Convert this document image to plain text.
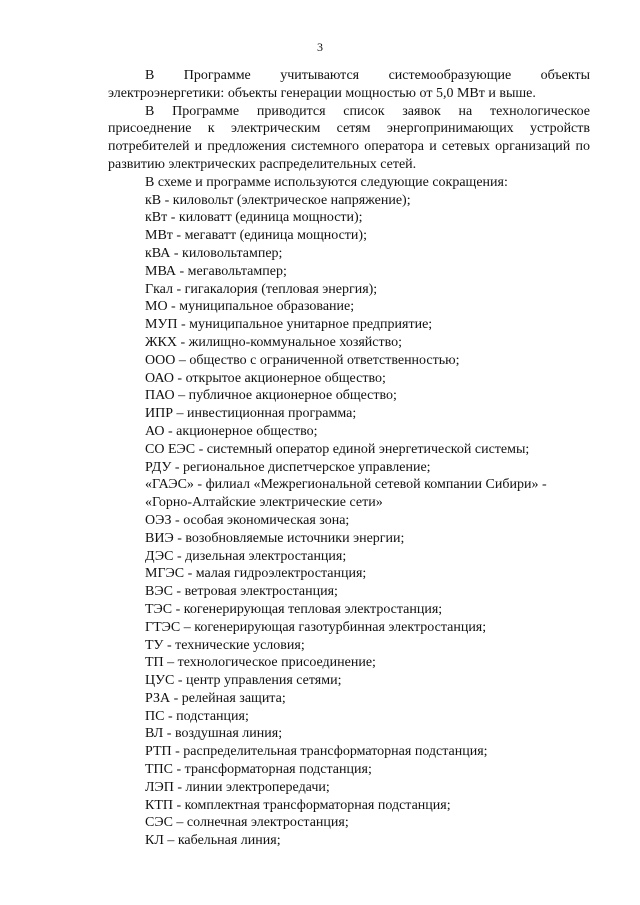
3

В Программе учитываются системообразующие объекты электроэнергетики: объекты генерации мощностью от 5,0 МВт и выше.

В Программе приводится список заявок на технологическое присоеднение к электрическим сетям энергопринимающих устройств потребителей и предложения системного оператора и сетевых организаций по развитию электрических распределительных сетей.

В схеме и программе используются следующие сокращения:

кВ - киловольт (электрическое напряжение);
кВт - киловатт (единица мощности);
МВт - мегаватт (единица мощности);
кВА - киловольтампер;
МВА - мегавольтампер;
Гкал - гигакалория (тепловая энергия);
МО - муниципальное образование;
МУП - муниципальное унитарное предприятие;
ЖКХ - жилищно-коммунальное хозяйство;
ООО – общество с ограниченной ответственностью;
ОАО - открытое акционерное общество;
ПАО – публичное акционерное общество;
ИПР – инвестиционная программа;
АО - акционерное общество;
СО ЕЭС - системный оператор единой энергетической системы;
РДУ - региональное диспетчерское управление;
«ГАЭС» - филиал «Межрегиональной сетевой компании Сибири» -
«Горно-Алтайские электрические сети»
ОЭЗ - особая экономическая зона;
ВИЭ - возобновляемые источники энергии;
ДЭС - дизельная электростанция;
МГЭС - малая гидроэлектростанция;
ВЭС - ветровая электростанция;
ТЭС - когенерирующая тепловая электростанция;
ГТЭС – когенерирующая газотурбинная электростанция;
ТУ - технические условия;
ТП – технологическое присоединение;
ЦУС - центр управления сетями;
РЗА - релейная защита;
ПС - подстанция;
ВЛ - воздушная линия;
РТП - распределительная трансформаторная подстанция;
ТПС - трансформаторная подстанция;
ЛЭП - линии электропередачи;
КТП - комплектная трансформаторная подстанция;
СЭС – солнечная электростанция;
КЛ – кабельная линия;
